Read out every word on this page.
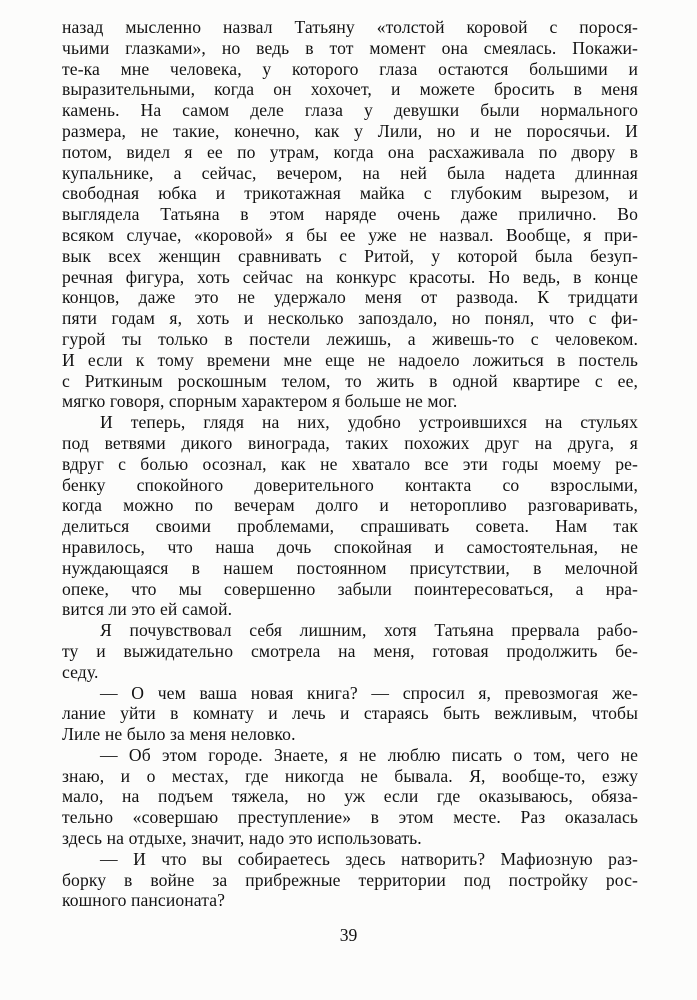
назад мысленно назвал Татьяну «толстой коровой с порося-
чьими глазками», но ведь в тот момент она смеялась. Покажи-
те-ка мне человека, у которого глаза остаются большими и
выразительными, когда он хохочет, и можете бросить в меня
камень. На самом деле глаза у девушки были нормального
размера, не такие, конечно, как у Лили, но и не поросячьи. И
потом, видел я ее по утрам, когда она расхаживала по двору в
купальнике, а сейчас, вечером, на ней была надета длинная
свободная юбка и трикотажная майка с глубоким вырезом, и
выглядела Татьяна в этом наряде очень даже прилично. Во
всяком случае, «коровой» я бы ее уже не назвал. Вообще, я при-
вык всех женщин сравнивать с Ритой, у которой была безуп-
речная фигура, хоть сейчас на конкурс красоты. Но ведь, в конце
концов, даже это не удержало меня от развода. К тридцати
пяти годам я, хоть и несколько запоздало, но понял, что с фи-
гурой ты только в постели лежишь, а живешь-то с человеком.
И если к тому времени мне еще не надоело ложиться в постель
с Риткиным роскошным телом, то жить в одной квартире с ее,
мягко говоря, спорным характером я больше не мог.
И теперь, глядя на них, удобно устроившихся на стульях
под ветвями дикого винограда, таких похожих друг на друга, я
вдруг с болью осознал, как не хватало все эти годы моему ре-
бенку спокойного доверительного контакта со взрослыми,
когда можно по вечерам долго и неторопливо разговаривать,
делиться своими проблемами, спрашивать совета. Нам так
нравилось, что наша дочь спокойная и самостоятельная, не
нуждающаяся в нашем постоянном присутствии, в мелочной
опеке, что мы совершенно забыли поинтересоваться, а нра-
вится ли это ей самой.
Я почувствовал себя лишним, хотя Татьяна прервала рабо-
ту и выжидательно смотрела на меня, готовая продолжить бе-
седу.
— О чем ваша новая книга? — спросил я, превозмогая же-
лание уйти в комнату и лечь и стараясь быть вежливым, чтобы
Лиле не было за меня неловко.
— Об этом городе. Знаете, я не люблю писать о том, чего не
знаю, и о местах, где никогда не бывала. Я, вообще-то, езжу
мало, на подъем тяжела, но уж если где оказываюсь, обяза-
тельно «совершаю преступление» в этом месте. Раз оказалась
здесь на отдыхе, значит, надо это использовать.
— И что вы собираетесь здесь натворить? Мафиозную раз-
борку в войне за прибрежные территории под постройку рос-
кошного пансионата?
39
